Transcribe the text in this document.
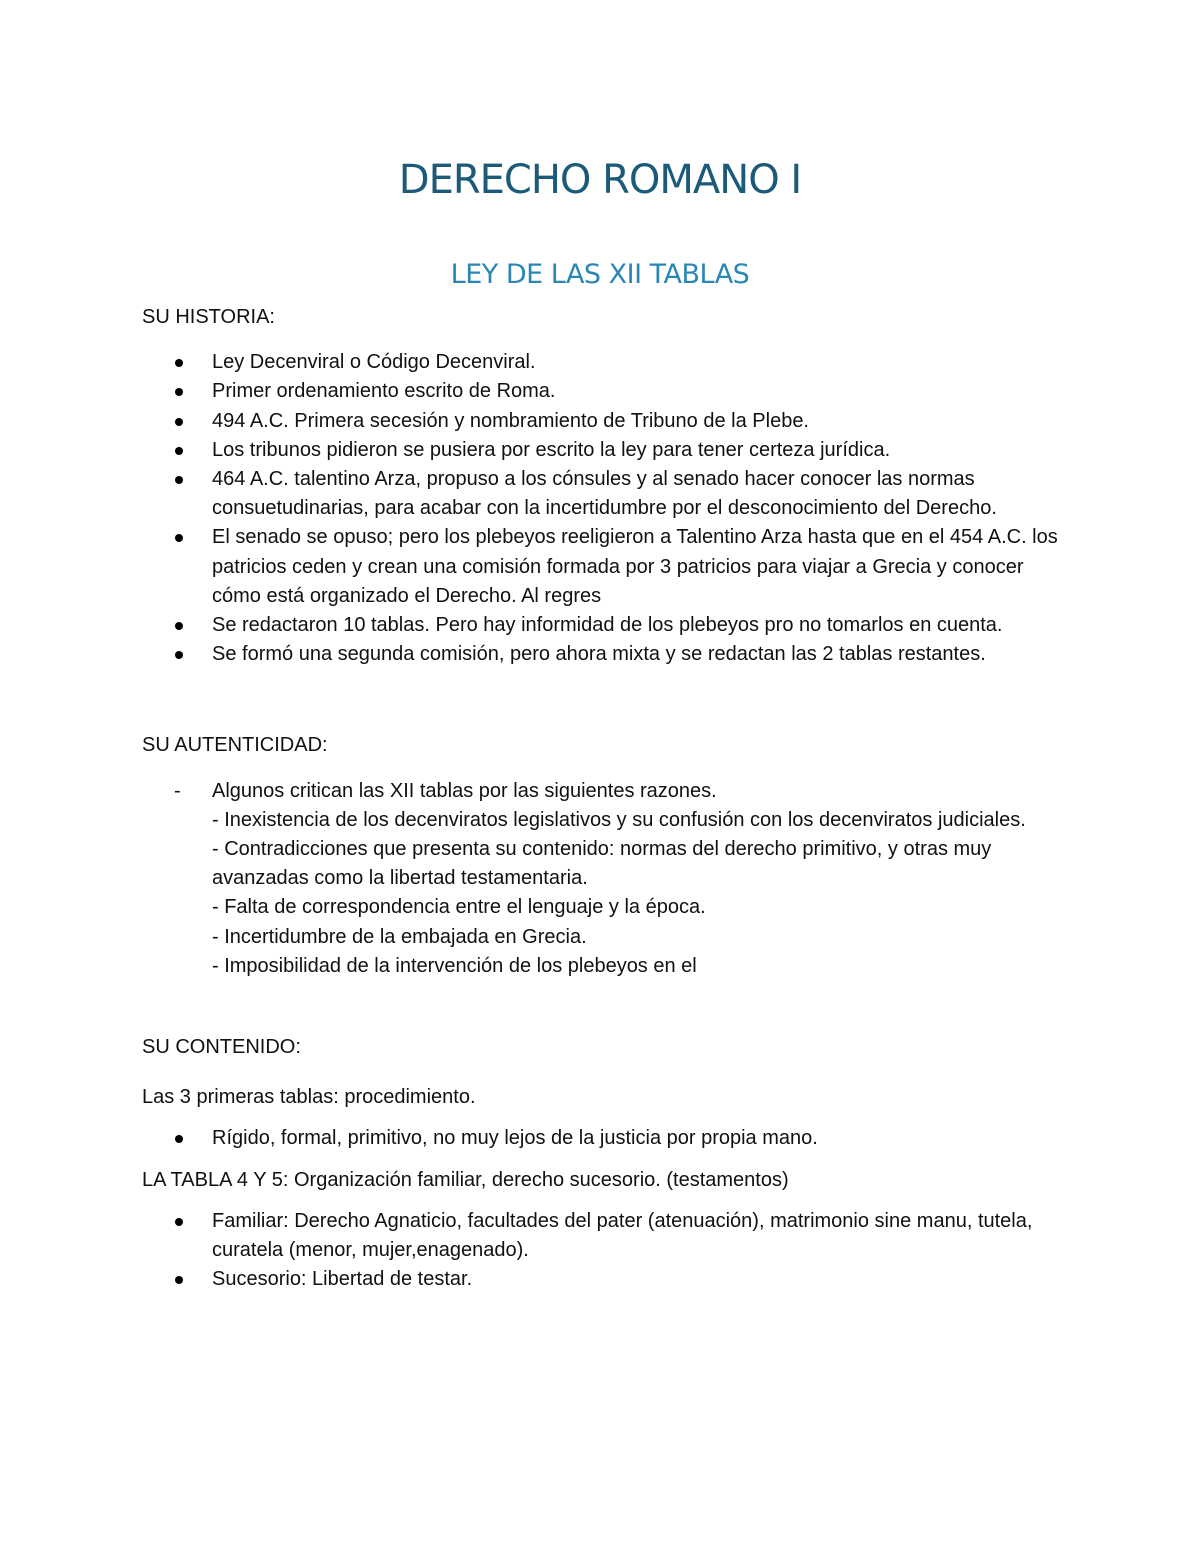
DERECHO ROMANO I
LEY DE LAS XII TABLAS

SU HISTORIA:

Ley Decenviral o Código Decenviral.
Primer ordenamiento escrito de Roma.
494 A.C. Primera secesión y nombramiento de Tribuno de la Plebe.
Los tribunos pidieron se pusiera por escrito la ley para tener certeza jurídica.
464 A.C. talentino Arza, propuso a los cónsules y al senado hacer conocer las normas consuetudinarias, para acabar con la incertidumbre por el desconocimiento del Derecho.
El senado se opuso; pero los plebeyos reeligieron a Talentino Arza hasta que en el 454 A.C. los patricios ceden y crean una comisión formada por 3 patricios para viajar a Grecia y conocer cómo está organizado el Derecho. Al regres
Se redactaron 10 tablas. Pero hay informidad de los plebeyos pro no tomarlos en cuenta.
Se formó una segunda comisión, pero ahora mixta y se redactan las 2 tablas restantes.

SU AUTENTICIDAD:

- Algunos critican las XII tablas por las siguientes razones.
- Inexistencia de los decenviratos legislativos y su confusión con los decenviratos judiciales.
- Contradicciones que presenta su contenido: normas del derecho primitivo, y otras muy avanzadas como la libertad testamentaria.
- Falta de correspondencia entre el lenguaje y la época.
- Incertidumbre de la embajada en Grecia.
- Imposibilidad de la intervención de los plebeyos en el

SU CONTENIDO:

Las 3 primeras tablas: procedimiento.

Rígido, formal, primitivo, no muy lejos de la justicia por propia mano.

LA TABLA 4 Y 5: Organización familiar, derecho sucesorio. (testamentos)

Familiar: Derecho Agnaticio, facultades del pater (atenuación), matrimonio sine manu, tutela, curatela (menor, mujer,enagenado).
Sucesorio: Libertad de testar.
